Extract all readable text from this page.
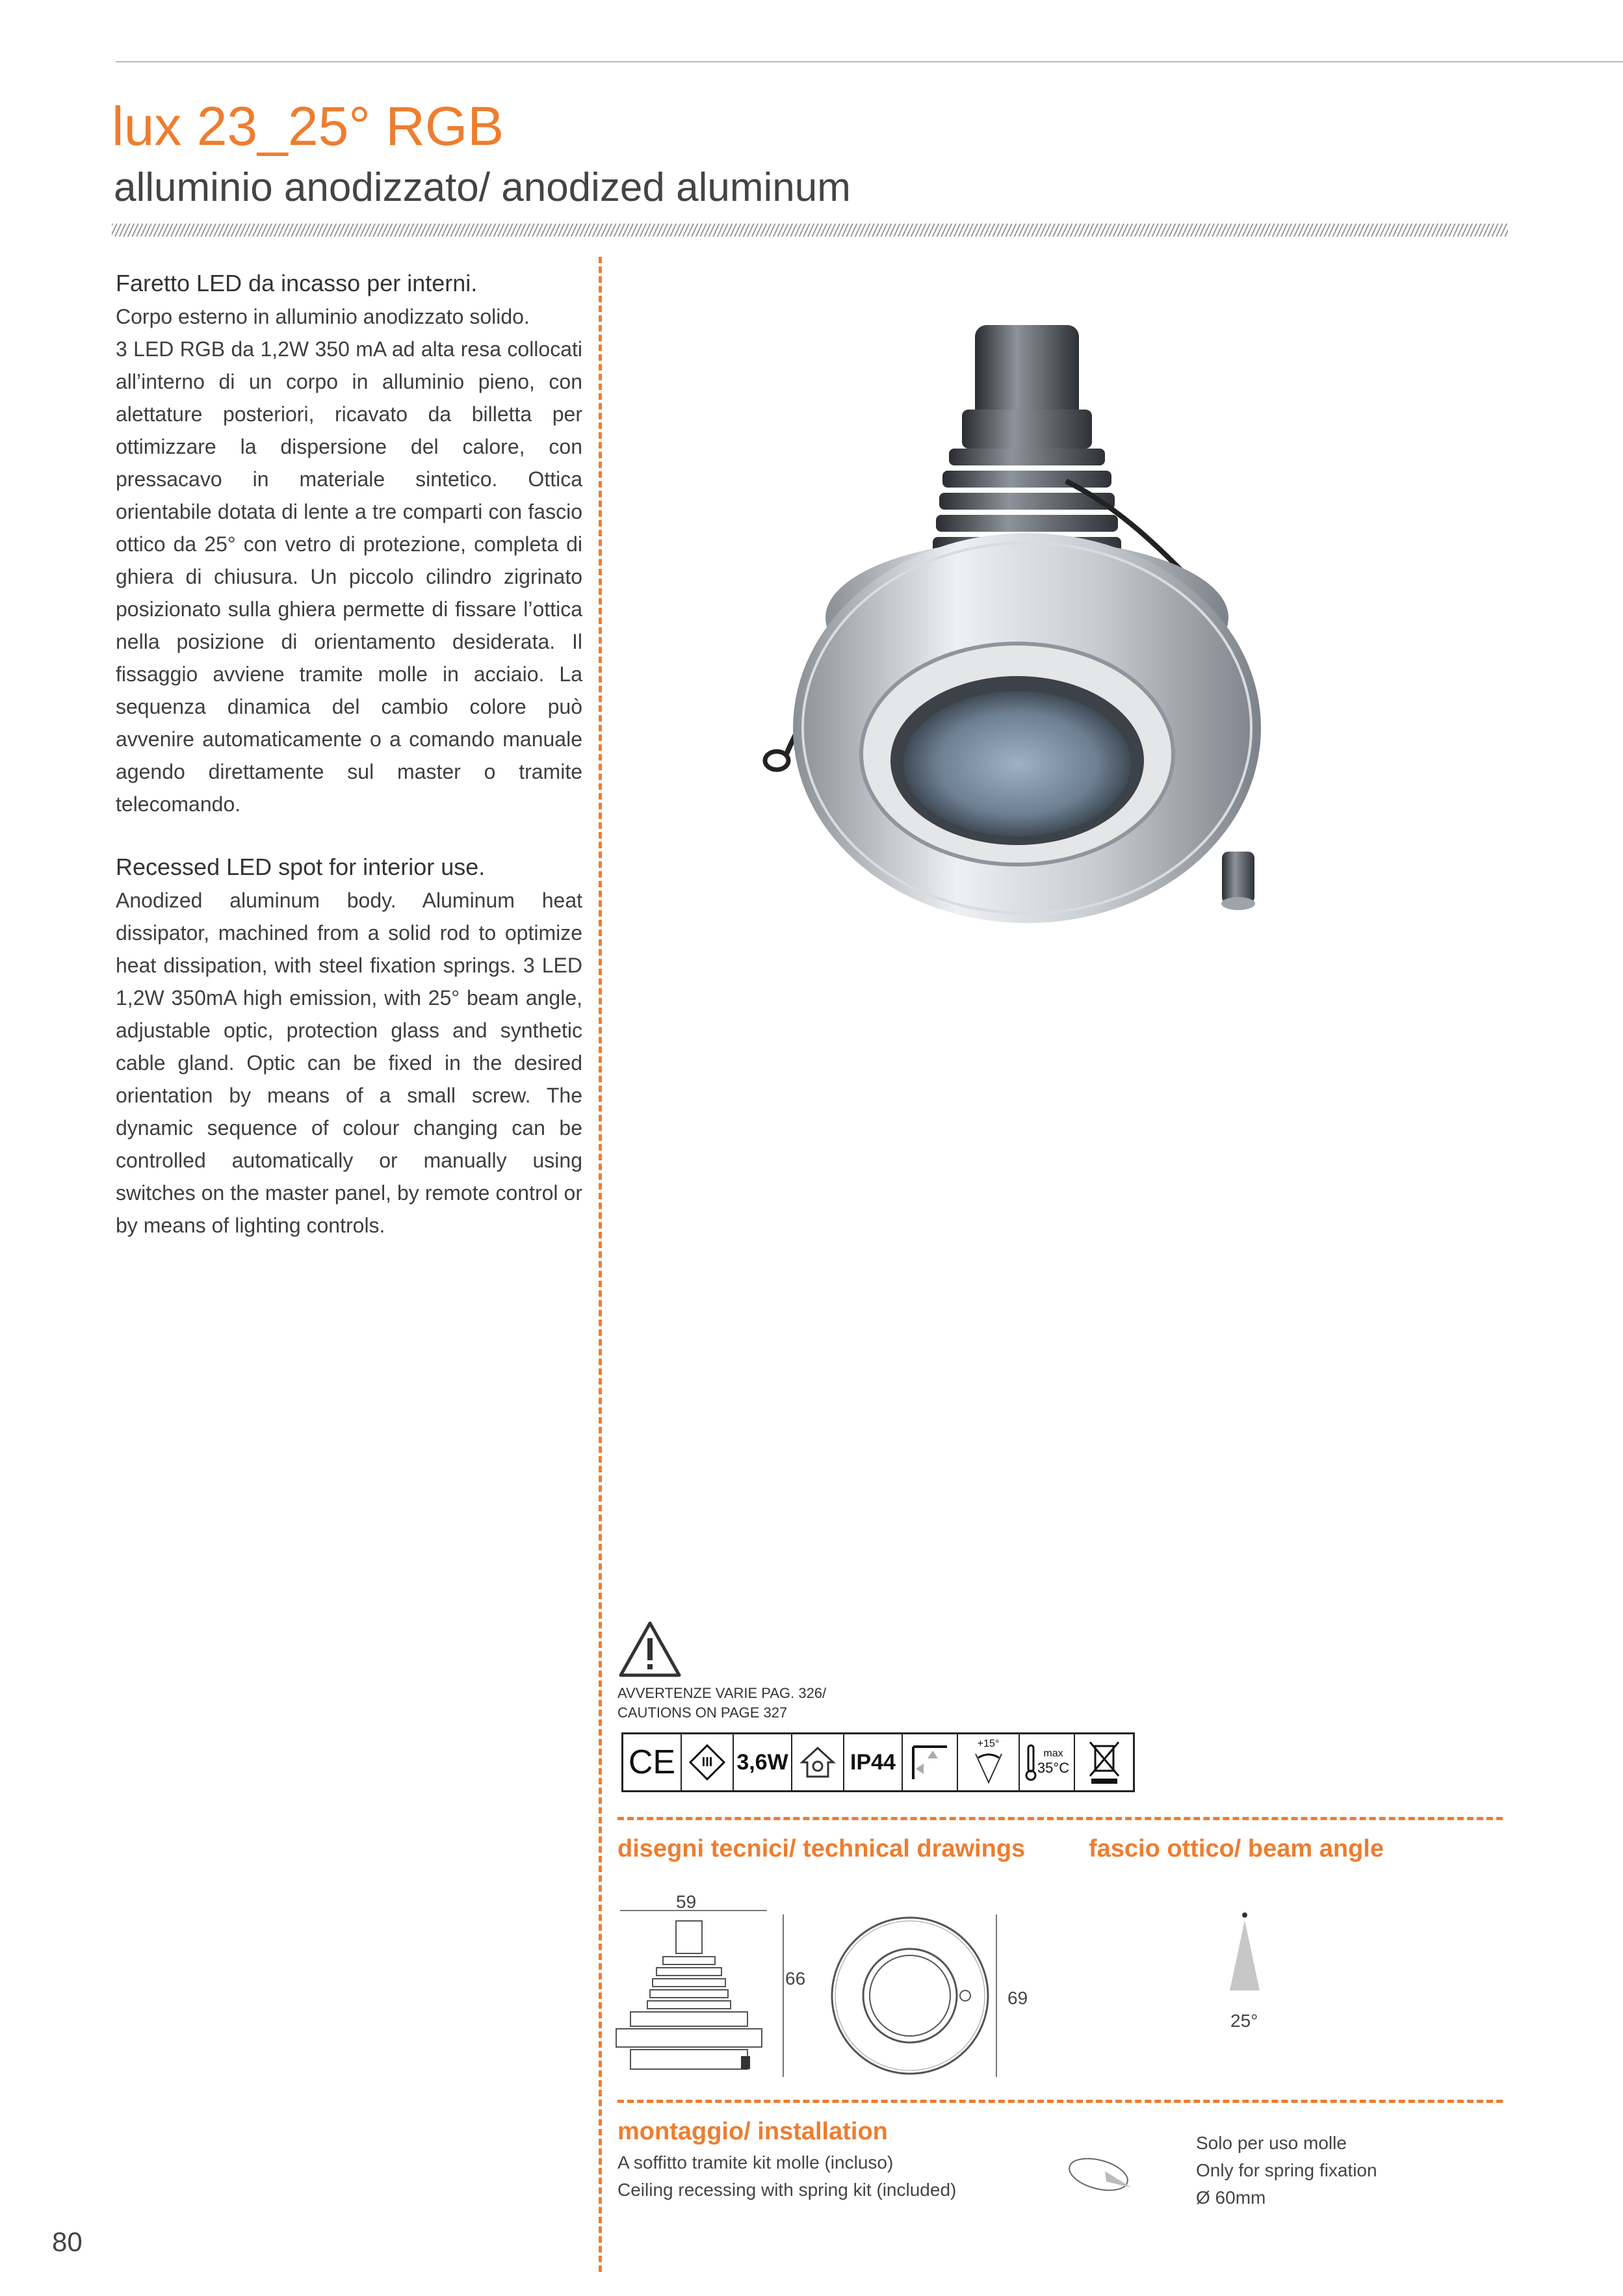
lux 23_25° RGB
alluminio anodizzato/ anodized aluminum
Faretto LED da incasso per interni.

Corpo esterno in alluminio anodizzato solido.

3 LED RGB da 1,2W 350 mA ad alta resa collocati all’interno di un corpo in alluminio pieno, con alettature posteriori, ricavato da billetta per ottimizzare la dispersione del calore, con pressacavo in materiale sintetico. Ottica orientabile dotata di lente a tre comparti con fascio ottico da 25° con vetro di protezione, completa di ghiera di chiusura. Un piccolo cilindro zigrinato posizionato sulla ghiera permette di fissare l’ottica nella posizione di orientamento desiderata. Il fissaggio avviene tramite molle in acciaio. La sequenza dinamica del cambio colore può avvenire automaticamente o a comando manuale agendo direttamente sul master o tramite telecomando.

Recessed LED spot for interior use.

Anodized aluminum body. Aluminum heat dissipator, machined from a solid rod to optimize heat dissipation, with steel fixation springs. 3 LED 1,2W 350mA high emission, with 25° beam angle, adjustable optic, protection glass and synthetic cable gland. Optic can be fixed in the desired orientation by means of a small screw. The dynamic sequence of colour changing can be controlled automatically or manually using switches on the master panel, by remote control or by means of lighting controls.

AVVERTENZE VARIE PAG. 326/
CAUTIONS ON PAGE 327
CE III 3,6W	IP44
+15°
max
35°C
disegni tecnici/ technical drawings	fascio ottico/ beam angle
59
66
69
25°
montaggio/ installation
A soffitto tramite kit molle (incluso)
Ceiling recessing with spring kit (included)
Solo per uso molle
Only for spring fixation
Ø 60mm
80
